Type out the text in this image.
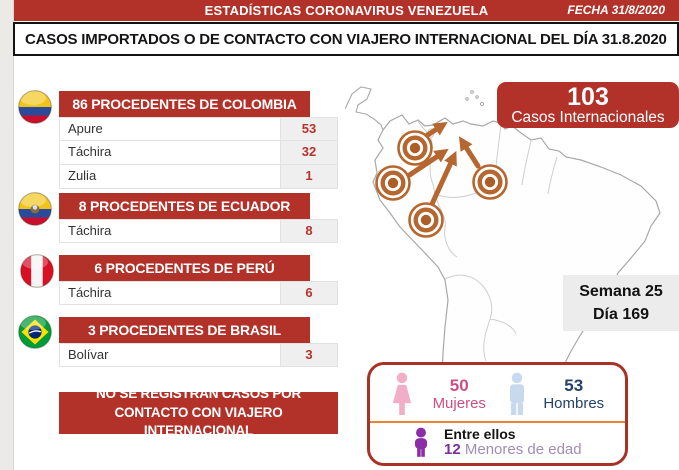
ESTADÍSTICAS CORONAVIRUS VENEZUELA	FECHA 31/8/2020
CASOS IMPORTADOS O DE CONTACTO CON VIAJERO INTERNACIONAL DEL DÍA 31.8.2020
86 PROCEDENTES DE COLOMBIA
Apure	53
Táchira	32
Zulia	1
8 PROCEDENTES DE ECUADOR
Táchira	8
6 PROCEDENTES DE PERÚ
Táchira	6
3 PROCEDENTES DE BRASIL
Bolívar	3
NO SE REGISTRAN CASOS POR CONTACTO CON VIAJERO INTERNACIONAL
103
Casos Internacionales
Semana 25
Día 169
50
Mujeres
53
Hombres
Entre ellos
12 Menores de edad
